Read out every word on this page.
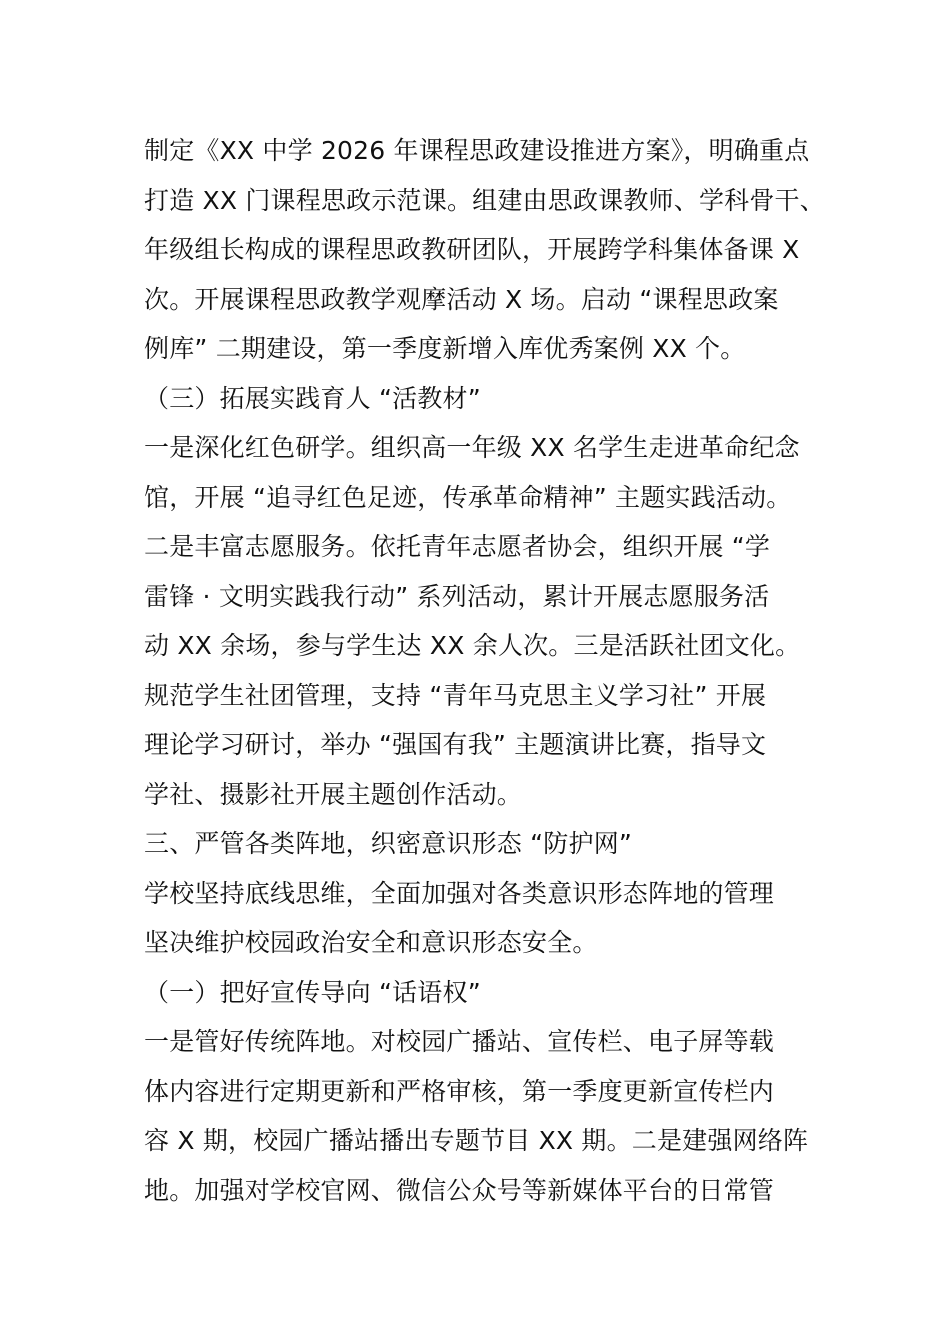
制定《XX 中学 2026 年课程思政建设推进方案》，明确重点
打造 XX 门课程思政示范课。组建由思政课教师、学科骨干、
年级组长构成的课程思政教研团队，开展跨学科集体备课 X
次。开展课程思政教学观摩活动 X 场。启动 “课程思政案
例库” 二期建设，第一季度新增入库优秀案例 XX 个。
（三）拓展实践育人 “活教材”
一是深化红色研学。组织高一年级 XX 名学生走进革命纪念
馆，开展 “追寻红色足迹，传承革命精神” 主题实践活动。
二是丰富志愿服务。依托青年志愿者协会，组织开展 “学
雷锋 · 文明实践我行动” 系列活动，累计开展志愿服务活
动 XX 余场，参与学生达 XX 余人次。三是活跃社团文化。
规范学生社团管理，支持 “青年马克思主义学习社” 开展
理论学习研讨，举办 “强国有我” 主题演讲比赛，指导文
学社、摄影社开展主题创作活动。
三、严管各类阵地，织密意识形态 “防护网”
学校坚持底线思维，全面加强对各类意识形态阵地的管理
坚决维护校园政治安全和意识形态安全。
（一）把好宣传导向 “话语权”
一是管好传统阵地。对校园广播站、宣传栏、电子屏等载
体内容进行定期更新和严格审核，第一季度更新宣传栏内
容 X 期，校园广播站播出专题节目 XX 期。二是建强网络阵
地。加强对学校官网、微信公众号等新媒体平台的日常管
